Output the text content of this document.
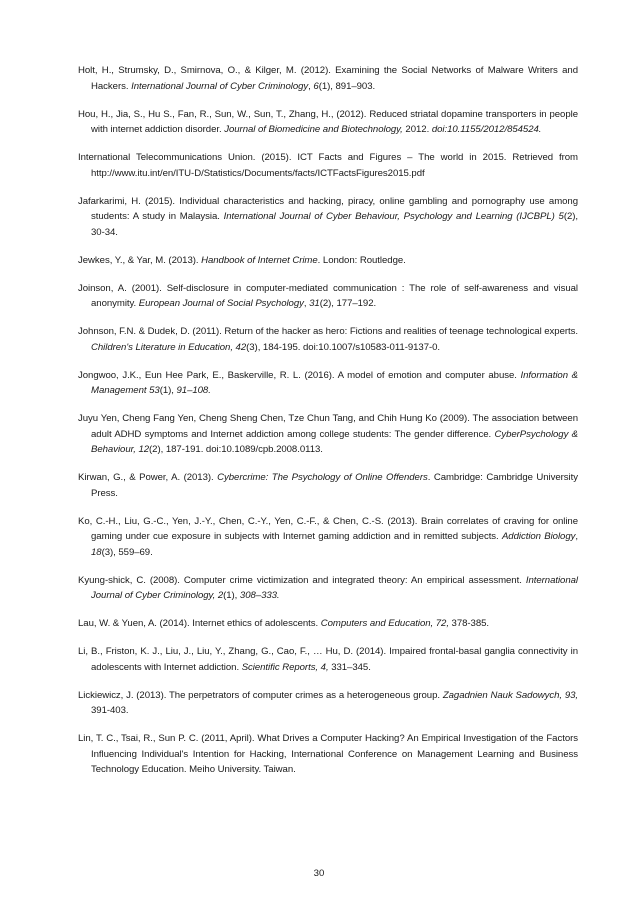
Holt, H., Strumsky, D., Smirnova, O., & Kilger, M. (2012). Examining the Social Networks of Malware Writers and Hackers. International Journal of Cyber Criminology, 6(1), 891–903.

Hou, H., Jia, S., Hu S., Fan, R., Sun, W., Sun, T., Zhang, H., (2012). Reduced striatal dopamine transporters in people with internet addiction disorder. Journal of Biomedicine and Biotechnology, 2012. doi:10.1155/2012/854524.

International Telecommunications Union. (2015). ICT Facts and Figures – The world in 2015. Retrieved from http://www.itu.int/en/ITU-D/Statistics/Documents/facts/ICTFactsFigures2015.pdf

Jafarkarimi, H. (2015). Individual characteristics and hacking, piracy, online gambling and pornography use among students: A study in Malaysia. International Journal of Cyber Behaviour, Psychology and Learning (IJCBPL) 5(2), 30-34.

Jewkes, Y., & Yar, M. (2013). Handbook of Internet Crime. London: Routledge.

Joinson, A. (2001). Self-disclosure in computer-mediated communication : The role of self-awareness and visual anonymity. European Journal of Social Psychology, 31(2), 177–192.

Johnson, F.N. & Dudek, D. (2011). Return of the hacker as hero: Fictions and realities of teenage technological experts. Children's Literature in Education, 42(3), 184-195. doi:10.1007/s10583-011-9137-0.

Jongwoo, J.K., Eun Hee Park, E., Baskerville, R. L. (2016). A model of emotion and computer abuse. Information & Management 53(1), 91–108.

Juyu Yen, Cheng Fang Yen, Cheng Sheng Chen, Tze Chun Tang, and Chih Hung Ko (2009). The association between adult ADHD symptoms and Internet addiction among college students: The gender difference. CyberPsychology & Behaviour, 12(2), 187-191. doi:10.1089/cpb.2008.0113.

Kirwan, G., & Power, A. (2013). Cybercrime: The Psychology of Online Offenders. Cambridge: Cambridge University Press.

Ko, C.-H., Liu, G.-C., Yen, J.-Y., Chen, C.-Y., Yen, C.-F., & Chen, C.-S. (2013). Brain correlates of craving for online gaming under cue exposure in subjects with Internet gaming addiction and in remitted subjects. Addiction Biology, 18(3), 559–69.

Kyung-shick, C. (2008). Computer crime victimization and integrated theory: An empirical assessment. International Journal of Cyber Criminology, 2(1), 308–333.

Lau, W. & Yuen, A. (2014). Internet ethics of adolescents. Computers and Education, 72, 378-385.

Li, B., Friston, K. J., Liu, J., Liu, Y., Zhang, G., Cao, F., … Hu, D. (2014). Impaired frontal-basal ganglia connectivity in adolescents with Internet addiction. Scientific Reports, 4, 331–345.

Lickiewicz, J. (2013). The perpetrators of computer crimes as a heterogeneous group. Zagadnien Nauk Sadowych, 93, 391-403.

Lin, T. C., Tsai, R., Sun P. C. (2011, April). What Drives a Computer Hacking? An Empirical Investigation of the Factors Influencing Individual's Intention for Hacking, International Conference on Management Learning and Business Technology Education. Meiho University. Taiwan.

30
